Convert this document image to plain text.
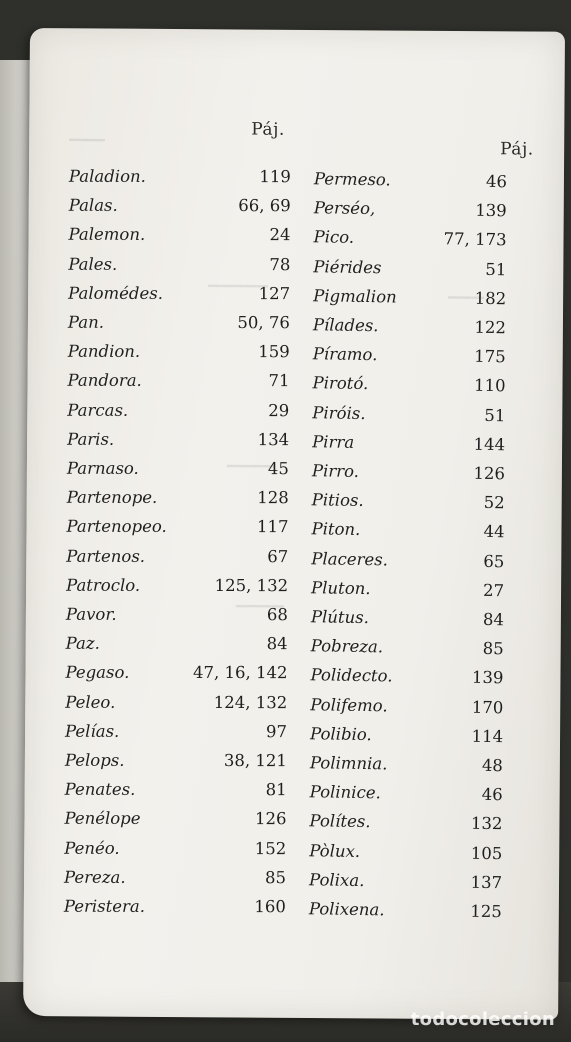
▁▁▁
▁▁▁▁▁
▁▁▁▁
▁▁▁▁
▁▁▁
Páj.
Paladion.	119
Palas.	66, 69
Palemon.	24
Pales.	78
Palomédes.	127
Pan.	50, 76
Pandion.	159
Pandora.	71
Parcas.	29
Paris.	134
Parnaso.	45
Partenope.	128
Partenopeo.	117
Partenos.	67
Patroclo.	125, 132
Pavor.	68
Paz.	84
Pegaso.	47, 16, 142
Peleo.	124, 132
Pelías.	97
Pelops.	38, 121
Penates.	81
Penélope	126
Penéo.	152
Pereza.	85
Peristera.	160
Páj.
Permeso.	46
Perséo,	139
Pico.	77, 173
Piérides	51
Pigmalion	182
Pílades.	122
Píramo.	175
Pirotó.	110
Piróis.	51
Pirra	144
Pirro.	126
Pitios.	52
Piton.	44
Placeres.	65
Pluton.	27
Plútus.	84
Pobreza.	85
Polidecto.	139
Polifemo.	170
Polibio.	114
Polimnia.	48
Polinice.	46
Polítes.	132
Pòlux.	105
Polixa.	137
Polixena.	125
todocoleccion
